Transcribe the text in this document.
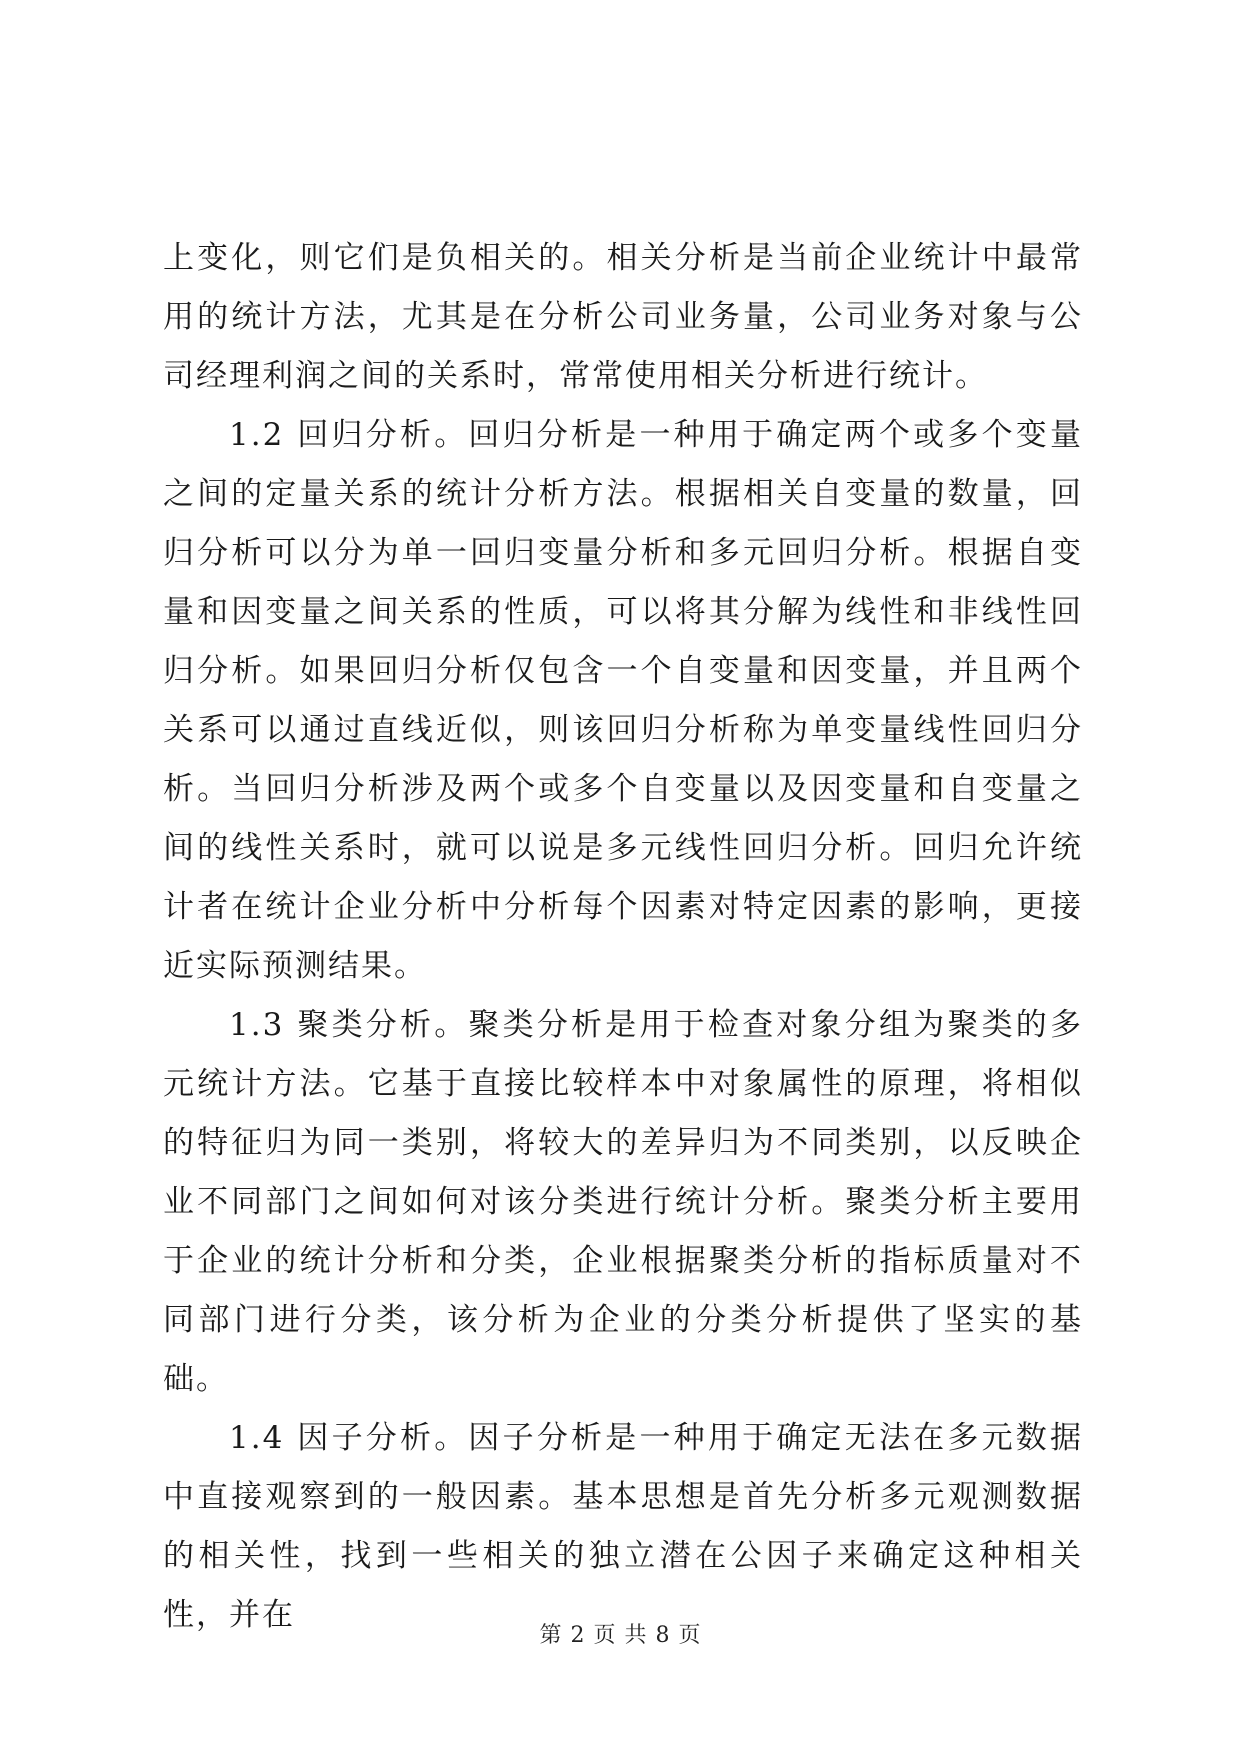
上变化，则它们是负相关的。相关分析是当前企业统计中最常用的统计方法，尤其是在分析公司业务量，公司业务对象与公司经理利润之间的关系时，常常使用相关分析进行统计。

1.2 回归分析。回归分析是一种用于确定两个或多个变量之间的定量关系的统计分析方法。根据相关自变量的数量，回归分析可以分为单一回归变量分析和多元回归分析。根据自变量和因变量之间关系的性质，可以将其分解为线性和非线性回归分析。如果回归分析仅包含一个自变量和因变量，并且两个关系可以通过直线近似，则该回归分析称为单变量线性回归分析。当回归分析涉及两个或多个自变量以及因变量和自变量之间的线性关系时，就可以说是多元线性回归分析。回归允许统计者在统计企业分析中分析每个因素对特定因素的影响，更接近实际预测结果。

1.3 聚类分析。聚类分析是用于检查对象分组为聚类的多元统计方法。它基于直接比较样本中对象属性的原理，将相似的特征归为同一类别，将较大的差异归为不同类别，以反映企业不同部门之间如何对该分类进行统计分析。聚类分析主要用于企业的统计分析和分类，企业根据聚类分析的指标质量对不同部门进行分类，该分析为企业的分类分析提供了坚实的基础。

1.4 因子分析。因子分析是一种用于确定无法在多元数据中直接观察到的一般因素。基本思想是首先分析多元观测数据的相关性，找到一些相关的独立潜在公因子来确定这种相关性，并在

第 2 页 共 8 页
